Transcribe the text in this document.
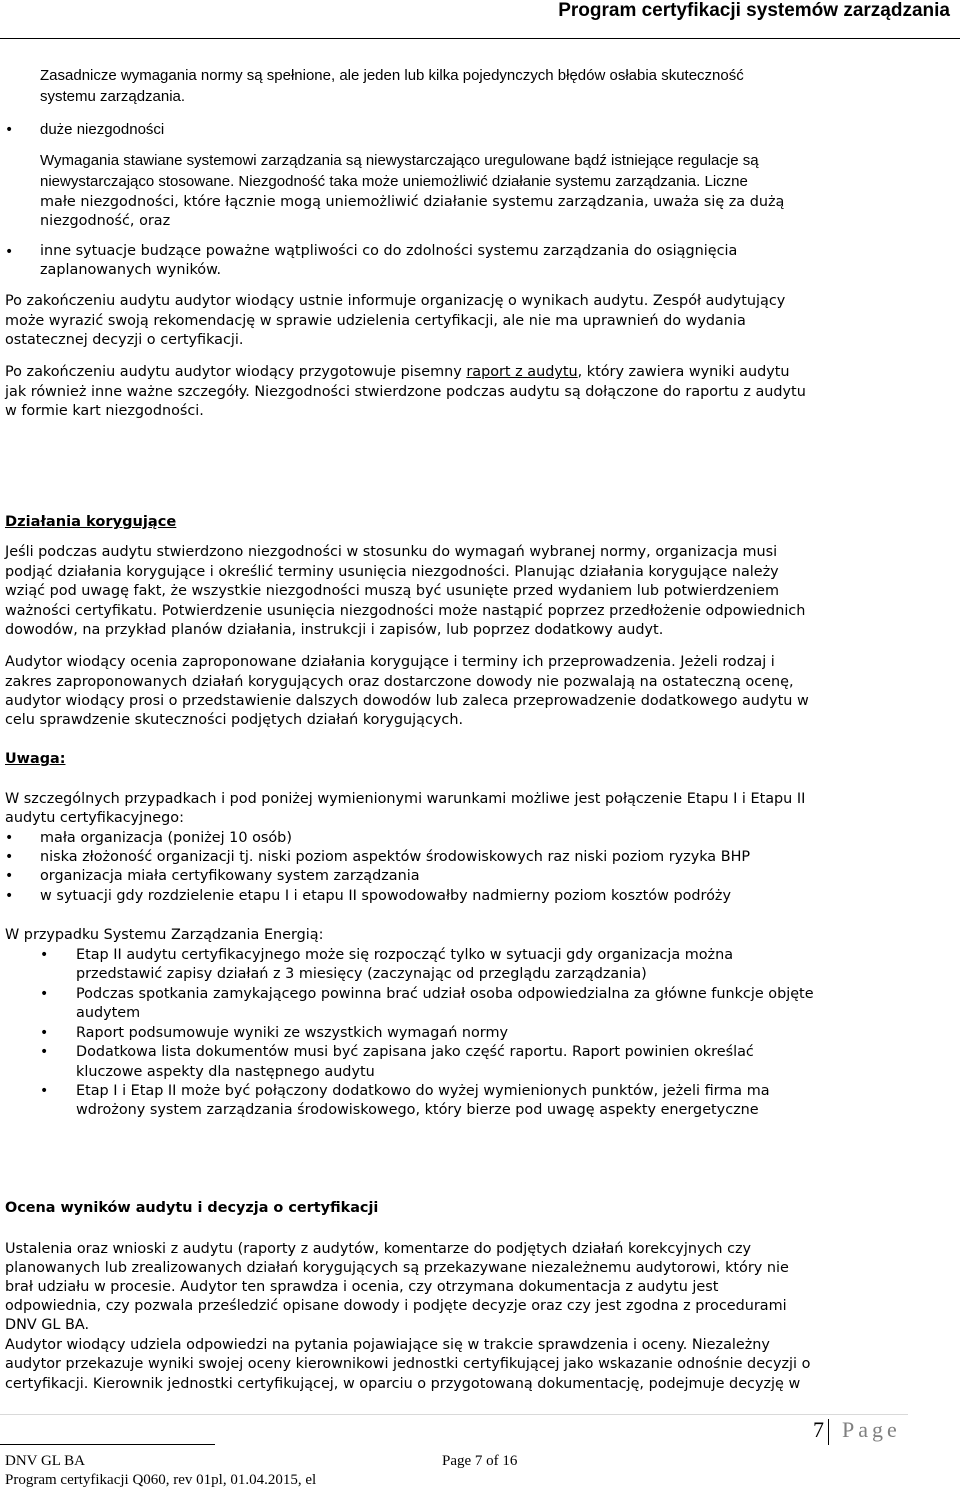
Program certyfikacji systemów zarządzania
Zasadnicze wymagania normy są spełnione, ale jeden lub kilka pojedynczych błędów osłabia skuteczność
systemu zarządzania.
• duże niezgodności
Wymagania stawiane systemowi zarządzania są niewystarczająco uregulowane bądź istniejące regulacje są
niewystarczająco stosowane. Niezgodność taka może uniemożliwić działanie systemu zarządzania. Liczne
małe niezgodności, które łącznie mogą uniemożliwić działanie systemu zarządzania, uważa się za dużą
niezgodność, oraz
• inne sytuacje budzące poważne wątpliwości co do zdolności systemu zarządzania do osiągnięcia
zaplanowanych wyników.
Po zakończeniu audytu audytor wiodący ustnie informuje organizację o wynikach audytu. Zespół audytujący
może wyrazić swoją rekomendację w sprawie udzielenia certyfikacji, ale nie ma uprawnień do wydania
ostatecznej decyzji o certyfikacji.
Po zakończeniu audytu audytor wiodący przygotowuje pisemny raport z audytu, który zawiera wyniki audytu
jak również inne ważne szczegóły. Niezgodności stwierdzone podczas audytu są dołączone do raportu z audytu
w formie kart niezgodności.
Działania korygujące
Jeśli podczas audytu stwierdzono niezgodności w stosunku do wymagań wybranej normy, organizacja musi
podjąć działania korygujące i określić terminy usunięcia niezgodności. Planując działania korygujące należy
wziąć pod uwagę fakt, że wszystkie niezgodności muszą być usunięte przed wydaniem lub potwierdzeniem
ważności certyfikatu. Potwierdzenie usunięcia niezgodności może nastąpić poprzez przedłożenie odpowiednich
dowodów, na przykład planów działania, instrukcji i zapisów, lub poprzez dodatkowy audyt.
Audytor wiodący ocenia zaproponowane działania korygujące i terminy ich przeprowadzenia. Jeżeli rodzaj i
zakres zaproponowanych działań korygujących oraz dostarczone dowody nie pozwalają na ostateczną ocenę,
audytor wiodący prosi o przedstawienie dalszych dowodów lub zaleca przeprowadzenie dodatkowego audytu w
celu sprawdzenie skuteczności podjętych działań korygujących.
Uwaga:
W szczególnych przypadkach i pod poniżej wymienionymi warunkami możliwe jest połączenie Etapu I i Etapu II
audytu certyfikacyjnego:
• mała organizacja (poniżej 10 osób)
• niska złożoność organizacji tj. niski poziom aspektów środowiskowych raz niski poziom ryzyka BHP
• organizacja miała certyfikowany system zarządzania
• w sytuacji gdy rozdzielenie etapu I i etapu II spowodowałby nadmierny poziom kosztów podróży
W przypadku Systemu Zarządzania Energią:
• Etap II audytu certyfikacyjnego może się rozpocząć tylko w sytuacji gdy organizacja można
przedstawić zapisy działań z 3 miesięcy (zaczynając od przeglądu zarządzania)
• Podczas spotkania zamykającego powinna brać udział osoba odpowiedzialna za główne funkcje objęte
audytem
• Raport podsumowuje wyniki ze wszystkich wymagań normy
• Dodatkowa lista dokumentów musi być zapisana jako część raportu. Raport powinien określać
kluczowe aspekty dla następnego audytu
• Etap I i Etap II może być połączony dodatkowo do wyżej wymienionych punktów, jeżeli firma ma
wdrożony system zarządzania środowiskowego, który bierze pod uwagę aspekty energetyczne
Ocena wyników audytu i decyzja o certyfikacji
Ustalenia oraz wnioski z audytu (raporty z audytów, komentarze do podjętych działań korekcyjnych czy
planowanych lub zrealizowanych działań korygujących są przekazywane niezależnemu audytorowi, który nie
brał udziału w procesie. Audytor ten sprawdza i ocenia, czy otrzymana dokumentacja z audytu jest
odpowiednia, czy pozwala prześledzić opisane dowody i podjęte decyzje oraz czy jest zgodna z procedurami
DNV GL BA.
Audytor wiodący udziela odpowiedzi na pytania pojawiające się w trakcie sprawdzenia i oceny. Niezależny
audytor przekazuje wyniki swojej oceny kierownikowi jednostki certyfikującej jako wskazanie odnośnie decyzji o
certyfikacji. Kierownik jednostki certyfikującej, w oparciu o przygotowaną dokumentację, podejmuje decyzję w
7 Page
DNV GL BA	Page 7 of 16
Program certyfikacji Q060, rev 01pl, 01.04.2015, el
